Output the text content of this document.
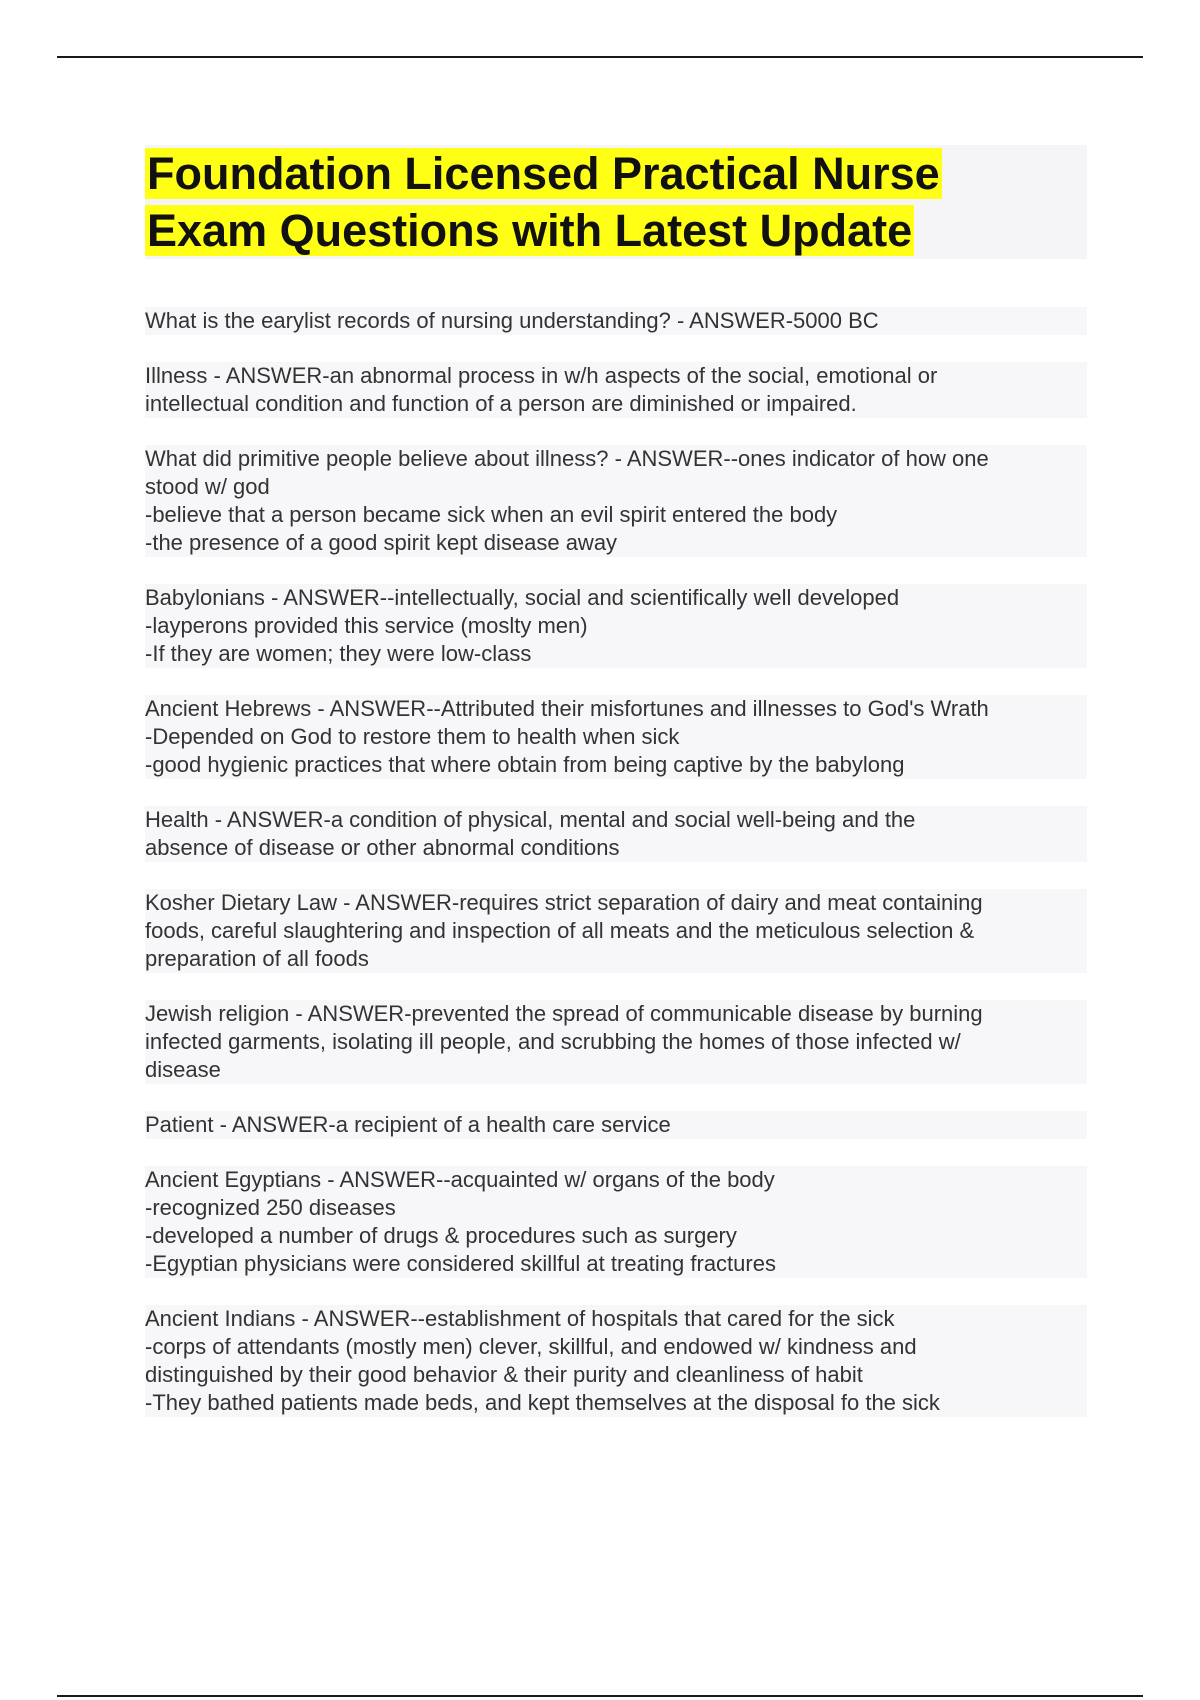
Foundation Licensed Practical Nurse
Exam Questions with Latest Update

What is the earylist records of nursing understanding? - ANSWER-5000 BC

Illness - ANSWER-an abnormal process in w/h aspects of the social, emotional or
intellectual condition and function of a person are diminished or impaired.

What did primitive people believe about illness? - ANSWER--ones indicator of how one
stood w/ god
-believe that a person became sick when an evil spirit entered the body
-the presence of a good spirit kept disease away

Babylonians - ANSWER--intellectually, social and scientifically well developed
-layperons provided this service (moslty men)
-If they are women; they were low-class

Ancient Hebrews - ANSWER--Attributed their misfortunes and illnesses to God's Wrath
-Depended on God to restore them to health when sick
-good hygienic practices that where obtain from being captive by the babylong

Health - ANSWER-a condition of physical, mental and social well-being and the
absence of disease or other abnormal conditions

Kosher Dietary Law - ANSWER-requires strict separation of dairy and meat containing
foods, careful slaughtering and inspection of all meats and the meticulous selection &
preparation of all foods

Jewish religion - ANSWER-prevented the spread of communicable disease by burning
infected garments, isolating ill people, and scrubbing the homes of those infected w/
disease

Patient - ANSWER-a recipient of a health care service

Ancient Egyptians - ANSWER--acquainted w/ organs of the body
-recognized 250 diseases
-developed a number of drugs & procedures such as surgery
-Egyptian physicians were considered skillful at treating fractures

Ancient Indians - ANSWER--establishment of hospitals that cared for the sick
-corps of attendants (mostly men) clever, skillful, and endowed w/ kindness and
distinguished by their good behavior & their purity and cleanliness of habit
-They bathed patients made beds, and kept themselves at the disposal fo the sick
